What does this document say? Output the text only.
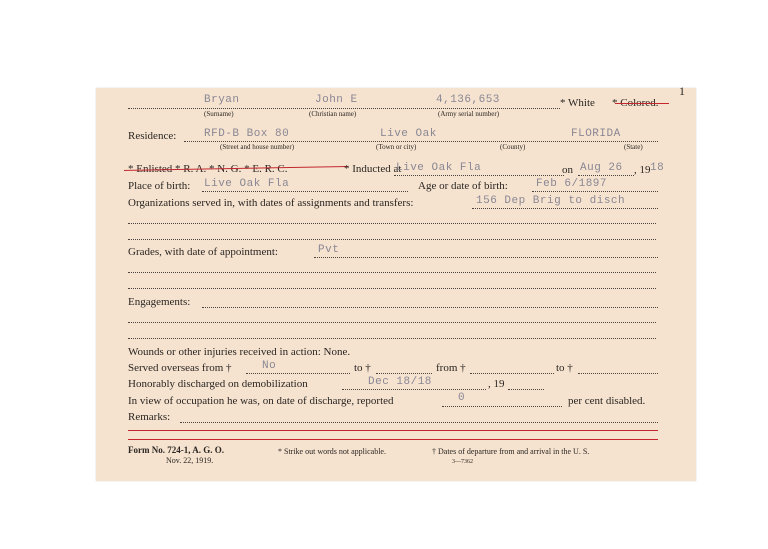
1
Bryan	John E	4,136,653	* White * Colored.
(Surname)	(Christian name)	(Army serial number)
Residence:	RFD-B Box 80	Live Oak	FLORIDA
(Street and house number)	(Town or city)	(County)	(State)
* Enlisted * R. A. * N. G. * E. R. C.	* Inducted at
Live Oak Fla	on Aug 26 , 19 18
Place of birth: Live Oak Fla	Age or date of birth:	Feb 6/1897
Organizations served in, with dates of assignments and transfers:	156 Dep Brig to disch
Grades, with date of appointment:	Pvt
Engagements:
Wounds or other injuries received in action: None.
Served overseas from †	No	to †	from †	to †
Honorably discharged on demobilization	Dec 18/18	, 19
In view of occupation he was, on date of discharge, reported	0	per cent disabled.
Remarks:
Form No. 724-1, A. G. O.
Nov. 22, 1919.
* Strike out words not applicable.	† Dates of departure from and arrival in the U. S.
3—7362
